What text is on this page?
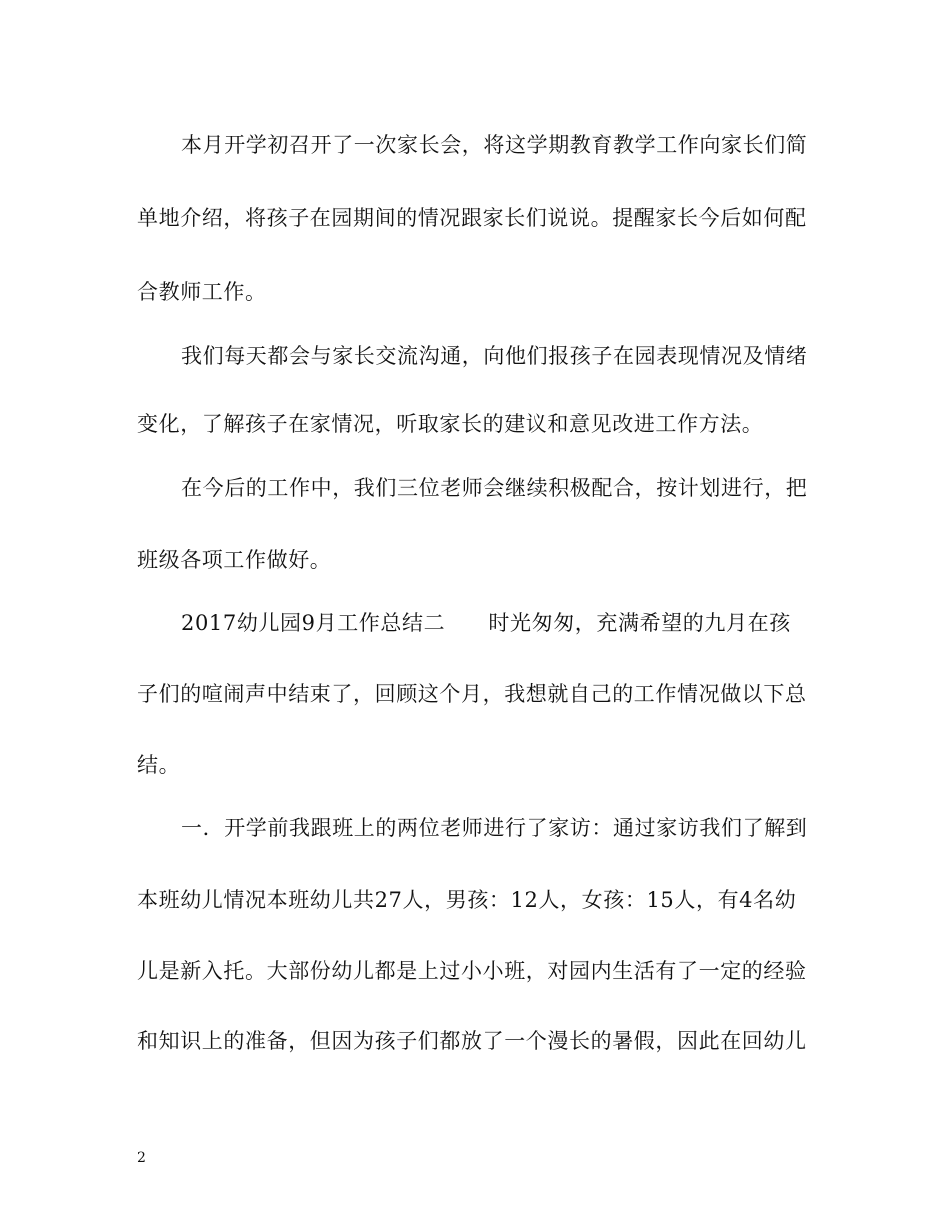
本月开学初召开了一次家长会，将这学期教育教学工作向家长们简
单地介绍，将孩子在园期间的情况跟家长们说说。提醒家长今后如何配
合教师工作。
我们每天都会与家长交流沟通，向他们报孩子在园表现情况及情绪
变化，了解孩子在家情况，听取家长的建议和意见改进工作方法。
在今后的工作中，我们三位老师会继续积极配合，按计划进行，把
班级各项工作做好。
2017幼儿园9月工作总结二　　时光匆匆，充满希望的九月在孩
子们的喧闹声中结束了，回顾这个月，我想就自己的工作情况做以下总
结。
一．开学前我跟班上的两位老师进行了家访：通过家访我们了解到
本班幼儿情况本班幼儿共27人，男孩：12人，女孩：15人，有4名幼
儿是新入托。大部份幼儿都是上过小小班，对园内生活有了一定的经验
和知识上的准备，但因为孩子们都放了一个漫长的暑假，因此在回幼儿
2
